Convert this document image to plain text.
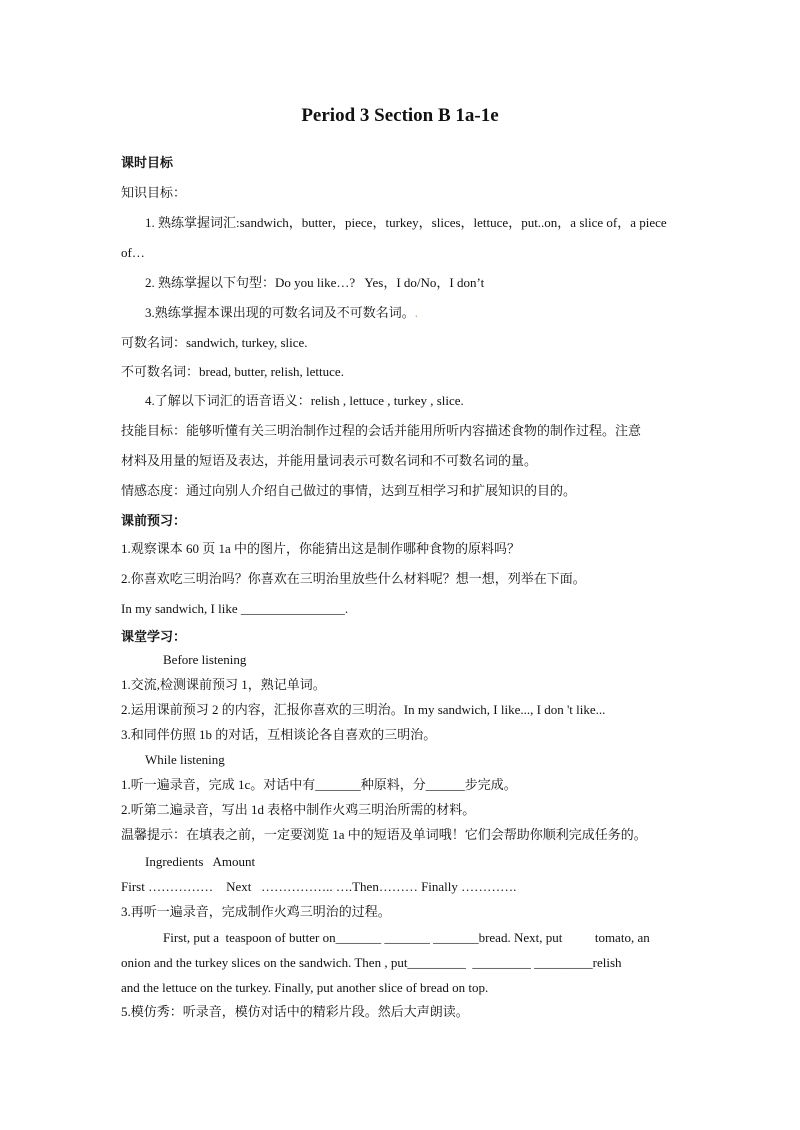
Period 3 Section B 1a-1e
课时目标
知识目标：
1. 熟练掌握词汇:sandwich，butter，piece，turkey，slices，lettuce，put..on，a slice of，a piece
of…
2. 熟练掌握以下句型：Do you like…?   Yes，I do/No，I don’t
3.熟练掌握本课出现的可数名词及不可数名词。.
可数名词：sandwich, turkey, slice.
不可数名词：bread, butter, relish, lettuce.
4.了解以下词汇的语音语义：relish , lettuce , turkey , slice.
技能目标：能够听懂有关三明治制作过程的会话并能用所听内容描述食物的制作过程。注意
材料及用量的短语及表达，并能用量词表示可数名词和不可数名词的量。
情感态度：通过向别人介绍自己做过的事情，达到互相学习和扩展知识的目的。
课前预习：
1.观察课本 60 页 1a 中的图片，你能猜出这是制作哪种食物的原料吗？
2.你喜欢吃三明治吗？你喜欢在三明治里放些什么材料呢？想一想，列举在下面。
In my sandwich, I like ________________.
课堂学习：
Before listening
1.交流,检测课前预习 1，熟记单词。
2.运用课前预习 2 的内容，汇报你喜欢的三明治。In my sandwich, I like..., I don 't like...
3.和同伴仿照 1b 的对话，互相谈论各自喜欢的三明治。
While listening
1.听一遍录音，完成 1c。对话中有_______种原料，分______步完成。
2.听第二遍录音，写出 1d 表格中制作火鸡三明治所需的材料。
温馨提示：在填表之前，一定要浏览 1a 中的短语及单词哦！它们会帮助你顺利完成任务的。
Ingredients   Amount
First ……………    Next   …………….. ….Then……… Finally ………….
3.再听一遍录音，完成制作火鸡三明治的过程。
First, put a  teaspoon of butter on_______ _______ _______bread. Next, put          tomato, an
onion and the turkey slices on the sandwich. Then , put_________  _________ _________relish
and the lettuce on the turkey. Finally, put another slice of bread on top.
5.模仿秀：听录音，模仿对话中的精彩片段。然后大声朗读。
